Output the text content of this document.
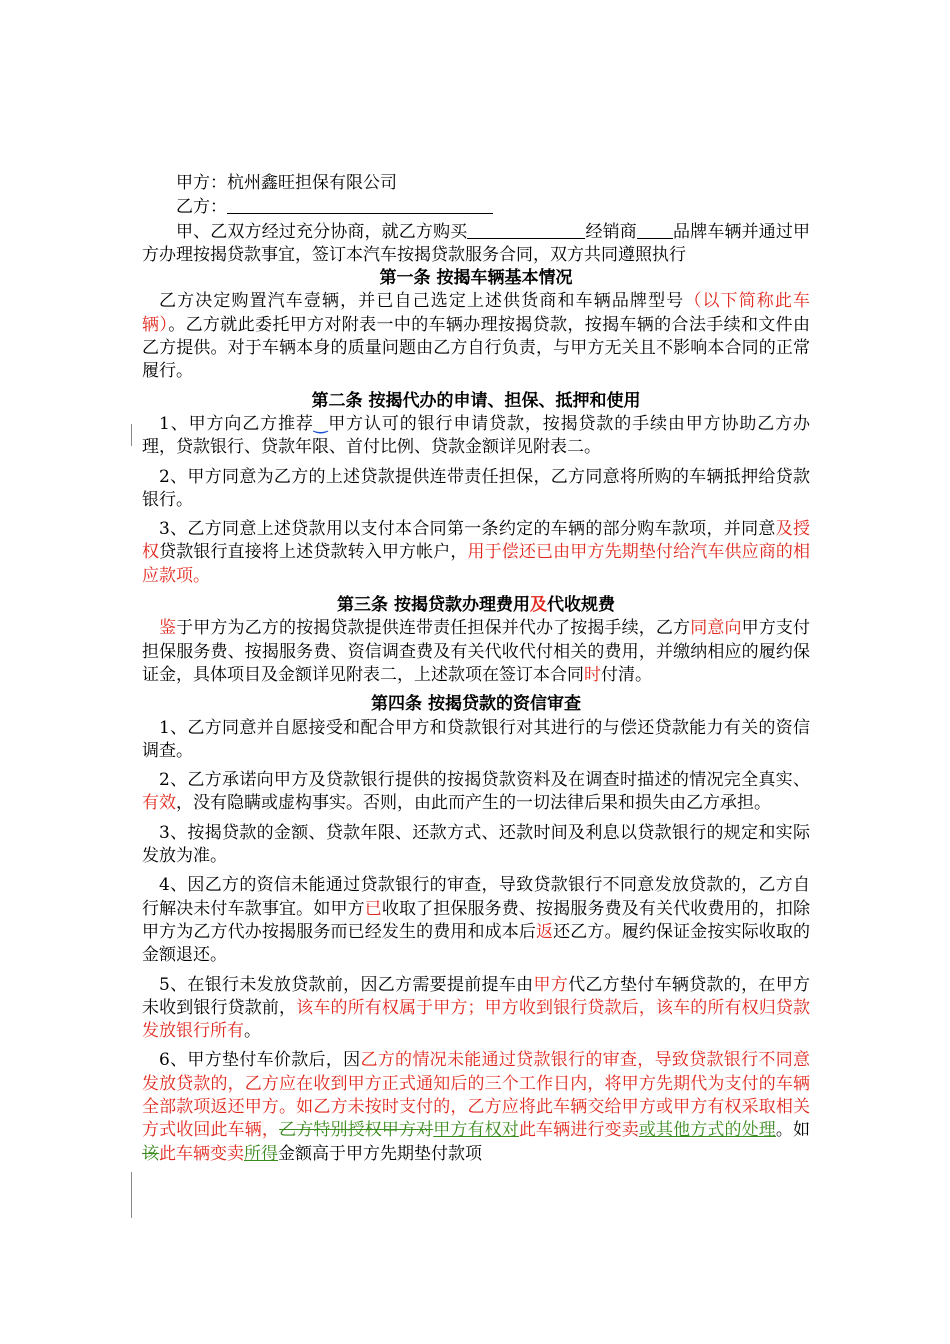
甲方：杭州鑫旺担保有限公司

乙方：

甲、乙双方经过充分协商，就乙方购买	经销商 品牌车辆并通过甲方办理按揭贷款事宜，签订本汽车按揭贷款服务合同，双方共同遵照执行

第一条 按揭车辆基本情况

乙方决定购置汽车壹辆，并已自己选定上述供货商和车辆品牌型号（以下简称此车辆）。乙方就此委托甲方对附表一中的车辆办理按揭贷款，按揭车辆的合法手续和文件由乙方提供。对于车辆本身的质量问题由乙方自行负责，与甲方无关且不影响本合同的正常履行。

第二条 按揭代办的申请、担保、抵押和使用

1、甲方向乙方推荐‿甲方认可的银行申请贷款，按揭贷款的手续由甲方协助乙方办理，贷款银行、贷款年限、首付比例、贷款金额详见附表二。

2、甲方同意为乙方的上述贷款提供连带责任担保，乙方同意将所购的车辆抵押给贷款银行。

3、乙方同意上述贷款用以支付本合同第一条约定的车辆的部分购车款项，并同意及授权贷款银行直接将上述贷款转入甲方帐户，用于偿还已由甲方先期垫付给汽车供应商的相应款项。

第三条 按揭贷款办理费用及代收规费

鉴于甲方为乙方的按揭贷款提供连带责任担保并代办了按揭手续，乙方同意向甲方支付担保服务费、按揭服务费、资信调查费及有关代收代付相关的费用，并缴纳相应的履约保证金，具体项目及金额详见附表二，上述款项在签订本合同时付清。

第四条 按揭贷款的资信审查

1、乙方同意并自愿接受和配合甲方和贷款银行对其进行的与偿还贷款能力有关的资信调查。

2、乙方承诺向甲方及贷款银行提供的按揭贷款资料及在调查时描述的情况完全真实、有效，没有隐瞒或虚构事实。否则，由此而产生的一切法律后果和损失由乙方承担。

3、按揭贷款的金额、贷款年限、还款方式、还款时间及利息以贷款银行的规定和实际发放为准。

4、因乙方的资信未能通过贷款银行的审查，导致贷款银行不同意发放贷款的，乙方自行解决未付车款事宜。如甲方已收取了担保服务费、按揭服务费及有关代收费用的，扣除甲方为乙方代办按揭服务而已经发生的费用和成本后返还乙方。履约保证金按实际收取的金额退还。

5、在银行未发放贷款前，因乙方需要提前提车由甲方代乙方垫付车辆贷款的，在甲方未收到银行贷款前，该车的所有权属于甲方；甲方收到银行贷款后，该车的所有权归贷款发放银行所有。

6、甲方垫付车价款后，因乙方的情况未能通过贷款银行的审查，导致贷款银行不同意发放贷款的，乙方应在收到甲方正式通知后的三个工作日内，将甲方先期代为支付的车辆全部款项返还甲方。如乙方未按时支付的，乙方应将此车辆交给甲方或甲方有权采取相关方式收回此车辆，乙方特别授权甲方对甲方有权对此车辆进行变卖或其他方式的处理。如该此车辆变卖所得金额高于甲方先期垫付款项
